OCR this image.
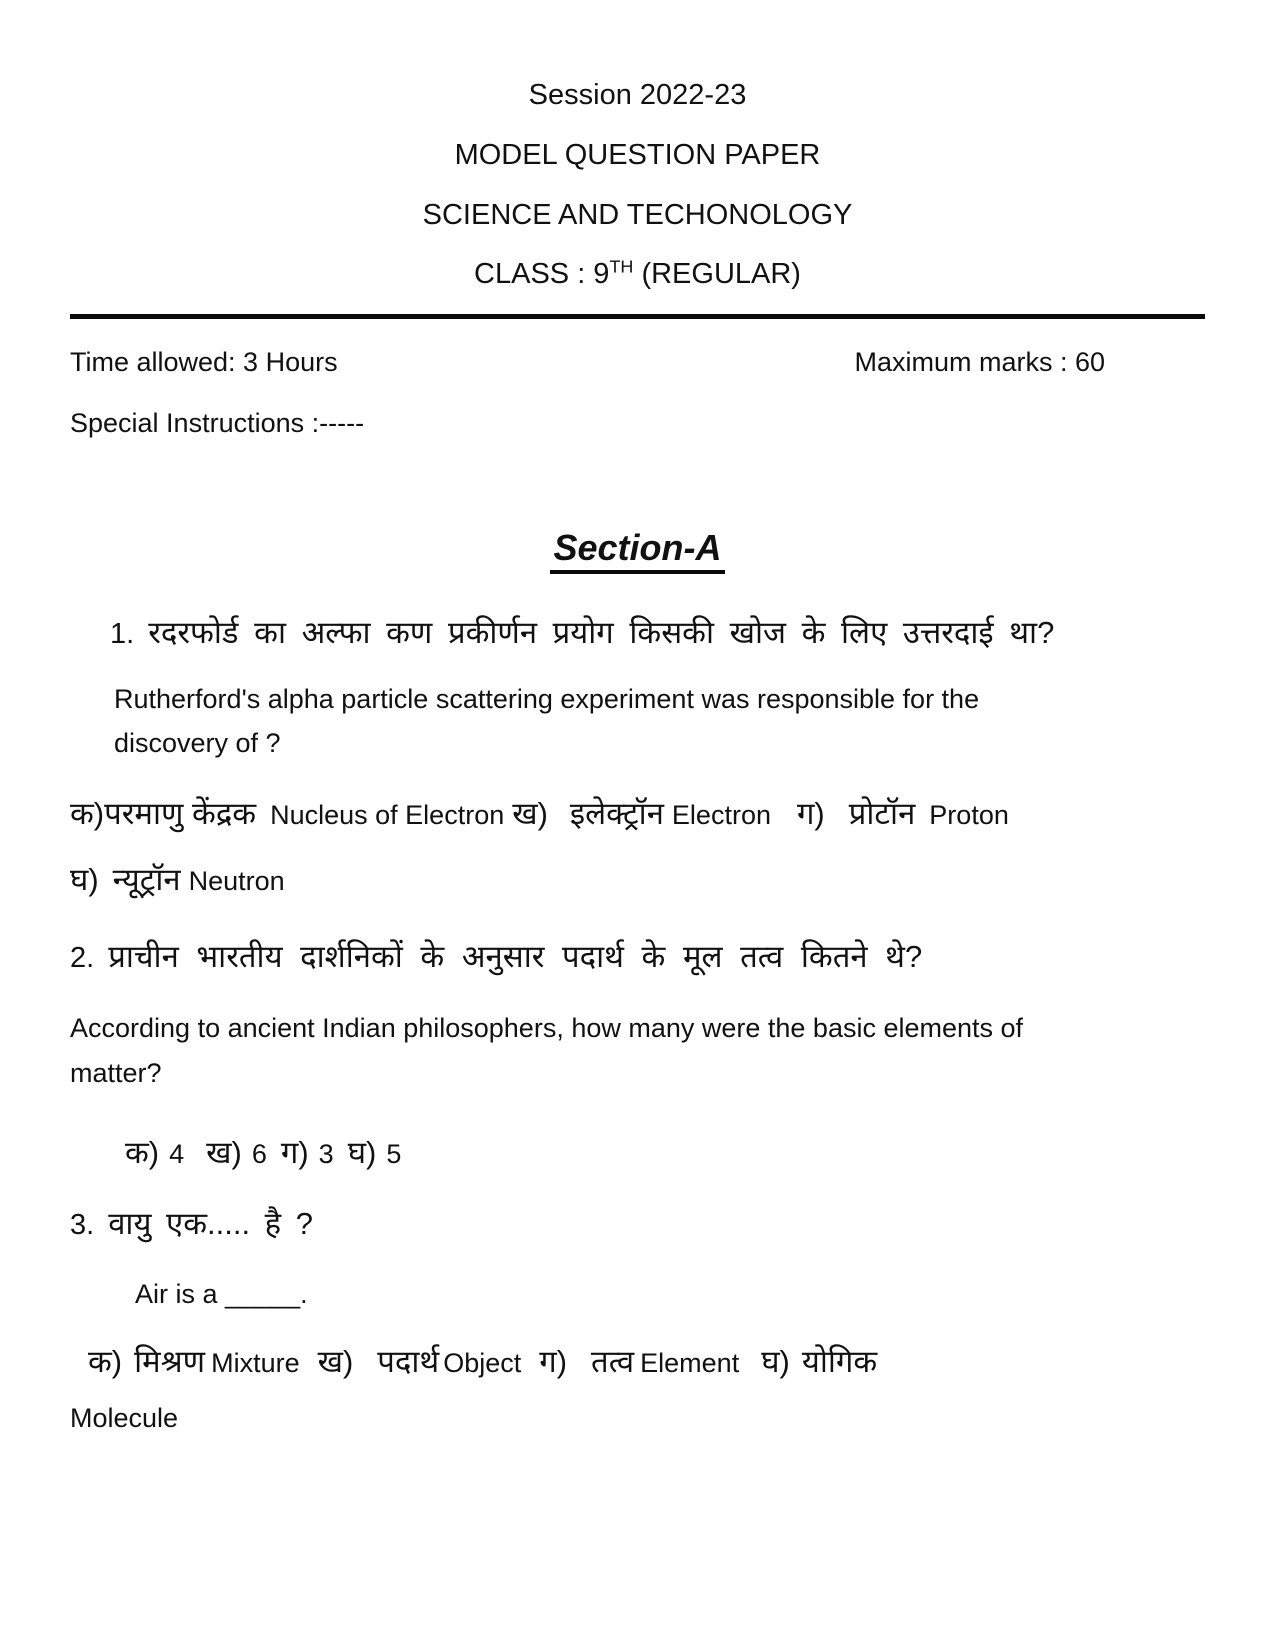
Session 2022-23
MODEL QUESTION PAPER
SCIENCE AND TECHONOLOGY
CLASS : 9TH (REGULAR)
Time allowed: 3 Hours	Maximum marks : 60
Special Instructions :-----
Section-A
1. रदरफोर्ड का अल्फा कण प्रकीर्णन प्रयोग किसकी खोज के लिए उत्तरदाई था?
Rutherford's alpha particle scattering experiment was responsible for the
discovery of ?
क)परमाणु केंद्रक Nucleus of Electron ख) इलेक्ट्रॉन Electron ग) प्रोटॉन Proton
घ) न्यूट्रॉन Neutron
2. प्राचीन भारतीय दार्शनिकों के अनुसार पदार्थ के मूल तत्व कितने थे?
According to ancient Indian philosophers, how many were the basic elements of
matter?
क) 4 ख) 6 ग) 3 घ) 5
3. वायु एक..... है ?
Air is a _____.
क) मिश्रण Mixture ख) पदार्थ Object ग) तत्व Element घ) योगिक
Molecule
